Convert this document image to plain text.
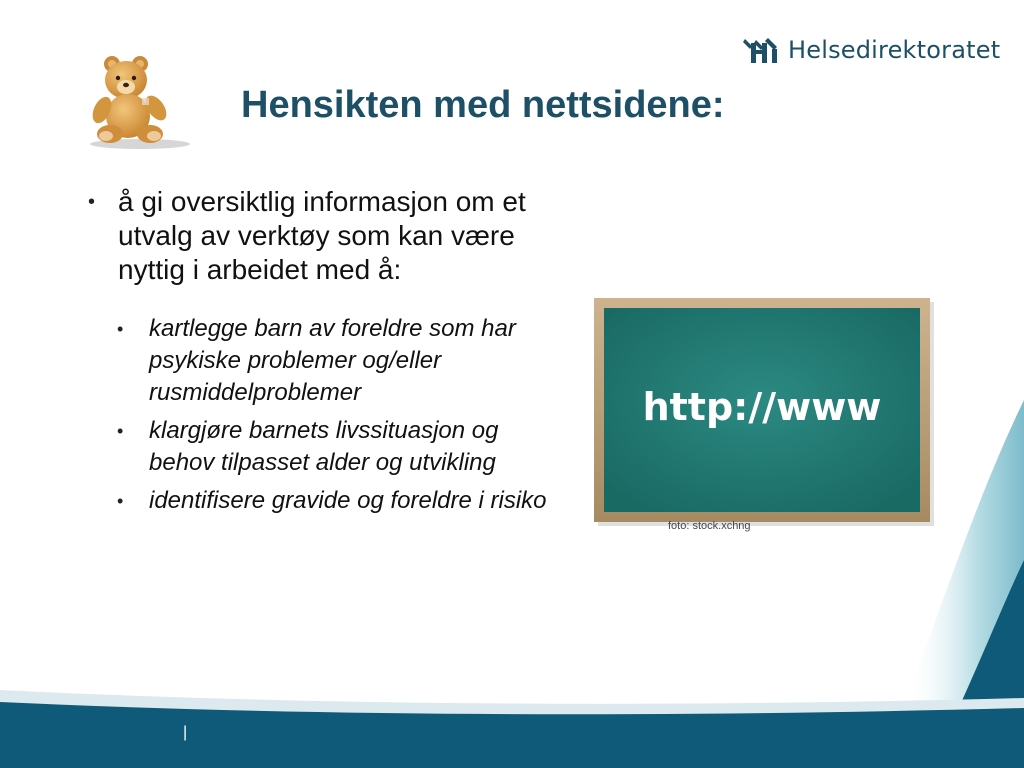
Helsedirektoratet
Hensikten med nettsidene:
• å gi oversiktlig informasjon om et utvalg av verktøy som kan være nyttig i arbeidet med å:
• kartlegge barn av foreldre som har psykiske problemer og/eller rusmiddelproblemer
• klargjøre barnets livssituasjon og behov tilpasset alder og utvikling
• identifisere gravide og foreldre i risiko
http://www
foto: stock.xchng
|
